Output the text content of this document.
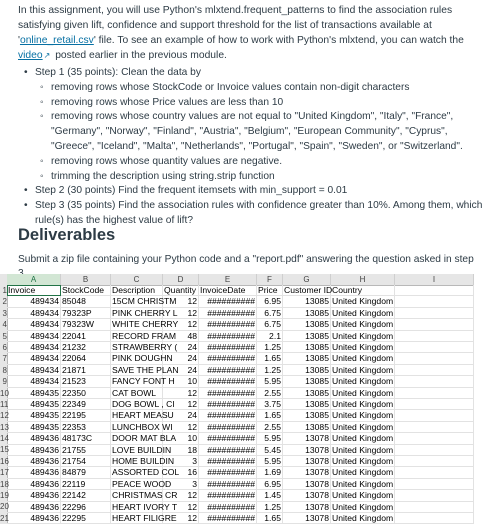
In this assignment, you will use Python's mlxtend.frequent_patterns to find the association rules satisfying given lift, confidence and support threshold for the list of transactions available at 'online_retail.csv' file. To see an example of how to work with Python's mlxtend, you can watch the video↗ posted earlier in the previous module.
• Step 1 (35 points): Clean the data by
◦ removing rows whose StockCode or Invoice values contain non-digit characters
◦ removing rows whose Price values are less than 10
◦ removing rows whose country values are not equal to "United Kingdom", "Italy", "France", "Germany", "Norway", "Finland", "Austria", "Belgium", "European Community", "Cyprus", "Greece", "Iceland", "Malta", "Netherlands", "Portugal", "Spain", "Sweden", or "Switzerland".
◦ removing rows whose quantity values are negative.
◦ trimming the description using string.strip function
• Step 2 (30 points) Find the frequent itemsets with min_support = 0.01
• Step 3 (35 points) Find the association rules with confidence greater than 10%. Among them, which rule(s) has the highest value of lift?
Deliverables
Submit a zip file containing your Python code and a "report.pdf" answering the question asked in step
A	B	C	D	E	F	G	H	I
1
2
3
4
5
6
7
8
9
10
11
12
13
14
15
16
17
18
19
20
21
Invoice	StockCode Description	Quantity InvoiceDate	Price Customer ID Country
489434 85048	15CM CHRISTM	12	##########	6.95	13085 United Kingdom
489434 79323P	PINK CHERRY L	12	##########	6.75	13085 United Kingdom
489434 79323W	WHITE CHERRY	12	##########	6.75	13085 United Kingdom
489434 22041	RECORD FRAM	48	##########	2.1	13085 United Kingdom
489434 21232	STRAWBERRY (	24	##########	1.25	13085 United Kingdom
489434 22064	PINK DOUGHN	24	##########	1.65	13085 United Kingdom
489434 21871	SAVE THE PLAN	24	##########	1.25	13085 United Kingdom
489434 21523	FANCY FONT H	10	##########	5.95	13085 United Kingdom
489435 22350	CAT BOWL	12	##########	2.55	13085 United Kingdom
489435 22349	DOG BOWL , CI	12	##########	3.75	13085 United Kingdom
489435 22195	HEART MEASU	24	##########	1.65	13085 United Kingdom
489435 22353	LUNCHBOX WI	12	##########	2.55	13085 United Kingdom
489436 48173C	DOOR MAT BLA	10	##########	5.95	13078 United Kingdom
489436 21755	LOVE BUILDIN	18	##########	5.45	13078 United Kingdom
489436 21754	HOME BUILDIN	3	##########	5.95	13078 United Kingdom
489436 84879	ASSORTED COL 16	##########	1.69	13078 United Kingdom
489436 22119	PEACE WOOD	3	##########	6.95	13078 United Kingdom
489436 22142	CHRISTMAS CR	12	##########	1.45	13078 United Kingdom
489436 22296	HEART IVORY T	12	##########	1.25	13078 United Kingdom
489436 22295	HEART FILIGRE	12	##########	1.65	13078 United Kingdom
